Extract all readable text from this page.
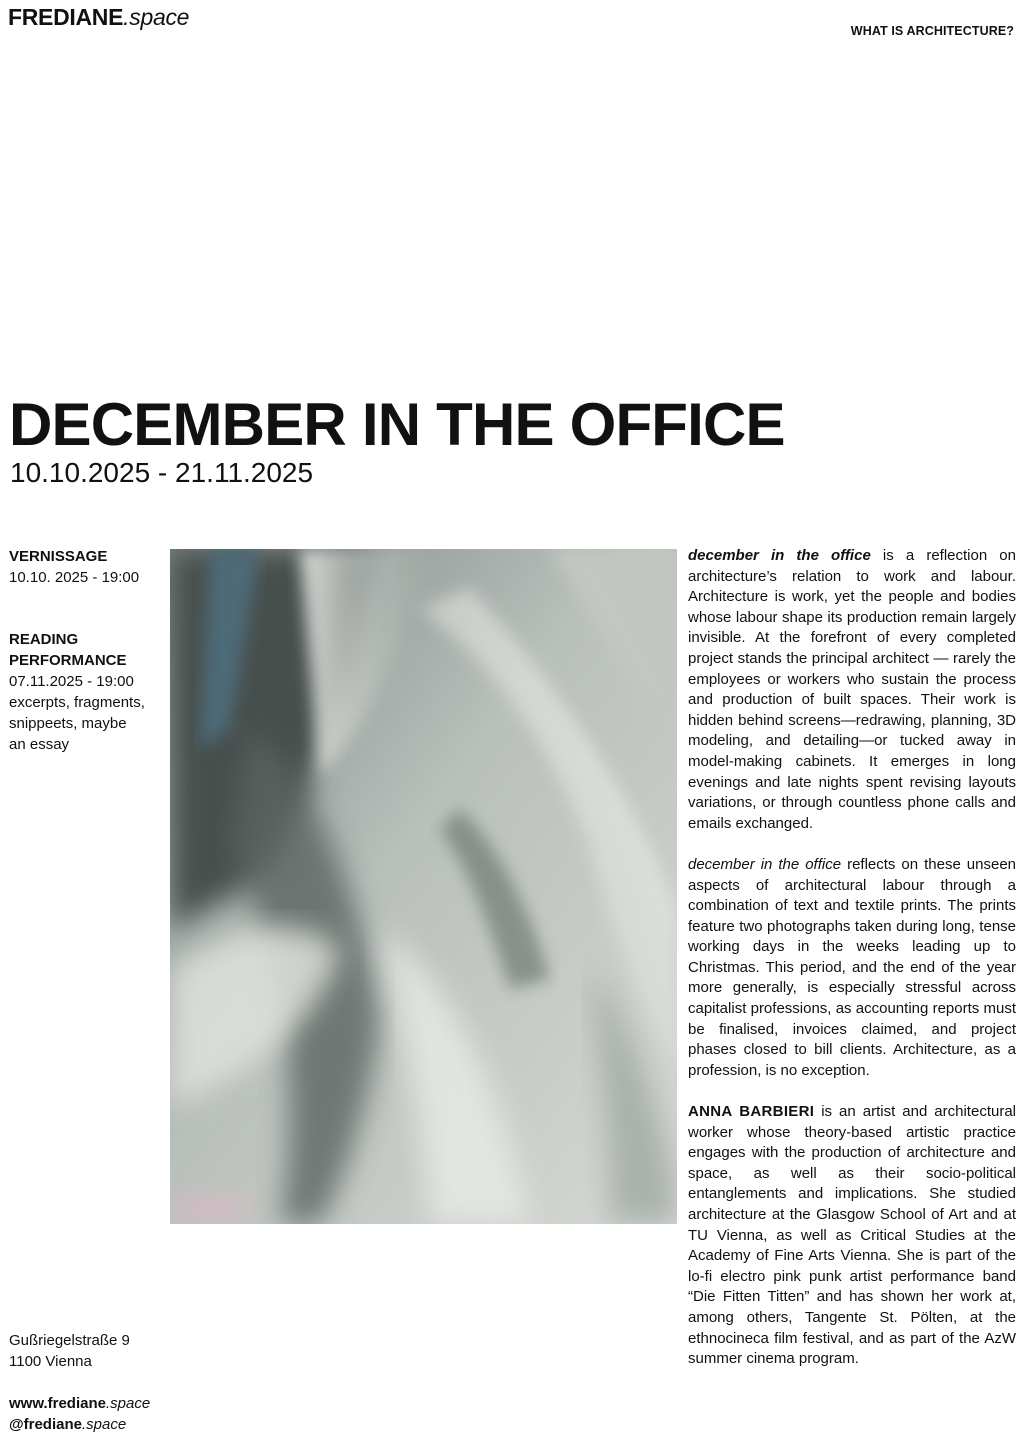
FREDIANE.space
WHAT IS ARCHITECTURE?
DECEMBER IN THE OFFICE
10.10.2025 - 21.11.2025
VERNISSAGE
10.10. 2025 - 19:00
READING
PERFORMANCE
07.11.2025 - 19:00
excerpts, fragments,
snippeets, maybe
an essay

december in the office is a reflection on architecture’s relation to work and labour. Architecture is work, yet the people and bodies whose labour shape its production remain largely invisible. At the forefront of every completed project stands the principal architect — rarely the employees or workers who sustain the process and production of built spaces. Their work is hidden behind screens—redrawing, planning, 3D modeling, and detailing—or tucked away in model-making cabinets. It emerges in long evenings and late nights spent revising layouts variations, or through countless phone calls and emails exchanged.

december in the office reflects on these unseen aspects of architectural labour through a combination of text and textile prints. The prints feature two photographs taken during long, tense working days in the weeks leading up to Christmas. This period, and the end of the year more generally, is especially stressful across capitalist professions, as accounting reports must be finalised, invoices claimed, and project phases closed to bill clients. Architecture, as a profession, is no exception.

ANNA BARBIERI is an artist and architectural worker whose theory-based artistic practice engages with the production of architecture and space, as well as their socio-political entanglements and implications. She studied architecture at the Glasgow School of Art and at TU Vienna, as well as Critical Studies at the Academy of Fine Arts Vienna. She is part of the lo-fi electro pink punk artist performance band “Die Fitten Titten” and has shown her work at, among others, Tangente St. Pölten, at the ethnocineca film festival, and as part of the AzW summer cinema program.

Gußriegelstraße 9
1100 Vienna
www.frediane.space
@frediane.space
